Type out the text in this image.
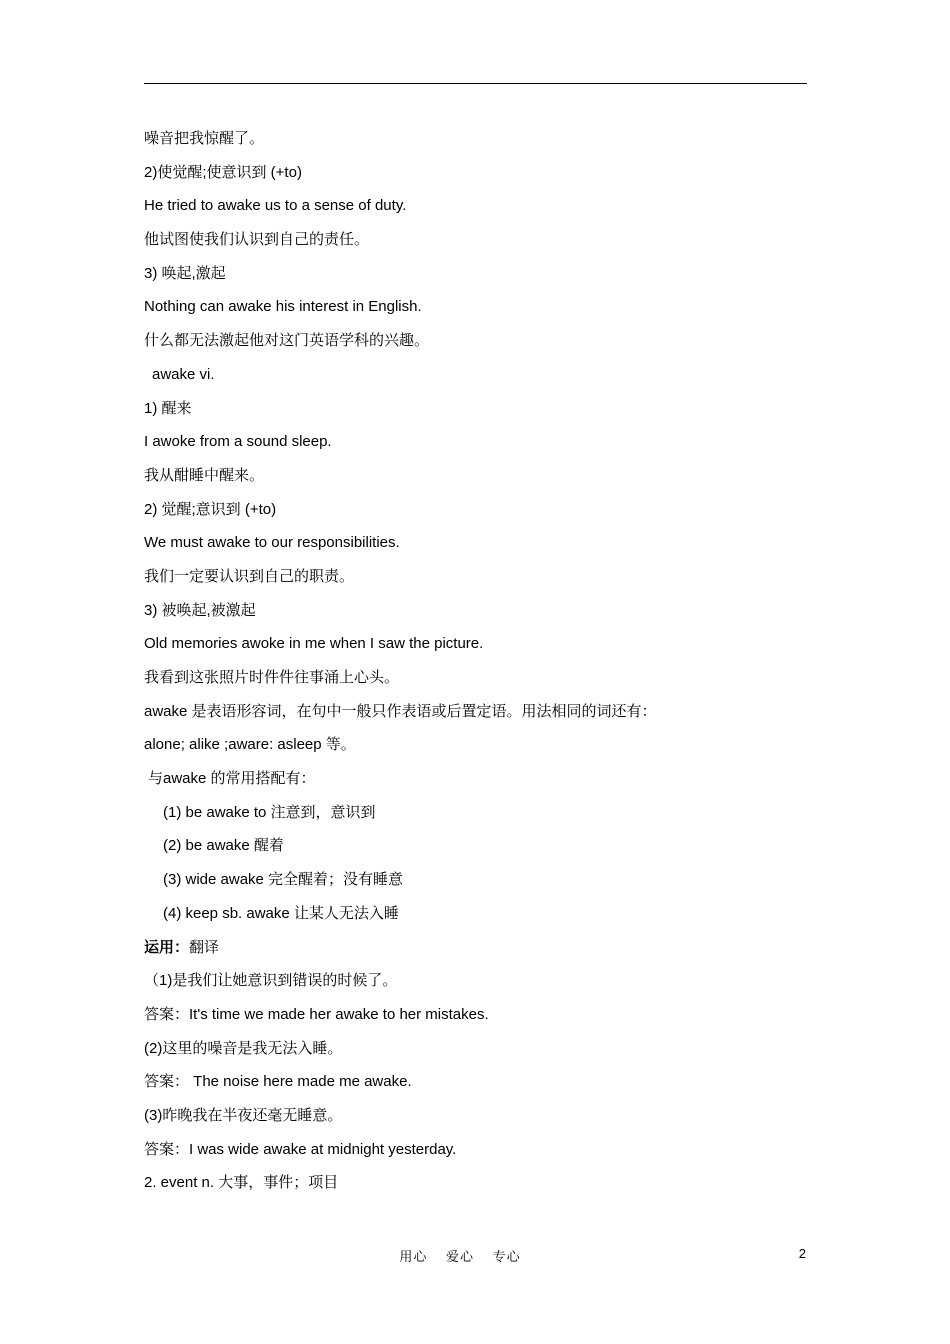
噪音把我惊醒了。
2)使觉醒;使意识到 (+to)
He tried to awake us to a sense of duty.
他试图使我们认识到自己的责任。
3) 唤起,激起
Nothing can awake his interest in English.
什么都无法激起他对这门英语学科的兴趣。
awake vi.
1) 醒来
I awoke from a sound sleep.
我从酣睡中醒来。
2) 觉醒;意识到 (+to)
We must awake to our responsibilities.
我们一定要认识到自己的职责。
3) 被唤起,被激起
Old memories awoke in me when I saw the picture.
我看到这张照片时件件往事涌上心头。
awake 是表语形容词，在句中一般只作表语或后置定语。用法相同的词还有：
alone; alike ;aware: asleep 等。
与awake 的常用搭配有：
(1) be awake to 注意到，意识到
(2) be awake 醒着
(3) wide awake 完全醒着；没有睡意
(4) keep sb. awake 让某人无法入睡
运用：翻译
（1)是我们让她意识到错误的时候了。
答案：It's time we made her awake to her mistakes.
(2)这里的噪音是我无法入睡。
答案： The noise here made me awake.
(3)昨晚我在半夜还毫无睡意。
答案：I was wide awake at midnight yesterday.
2. event n. 大事，事件；项目
用心 爱心 专心	2
